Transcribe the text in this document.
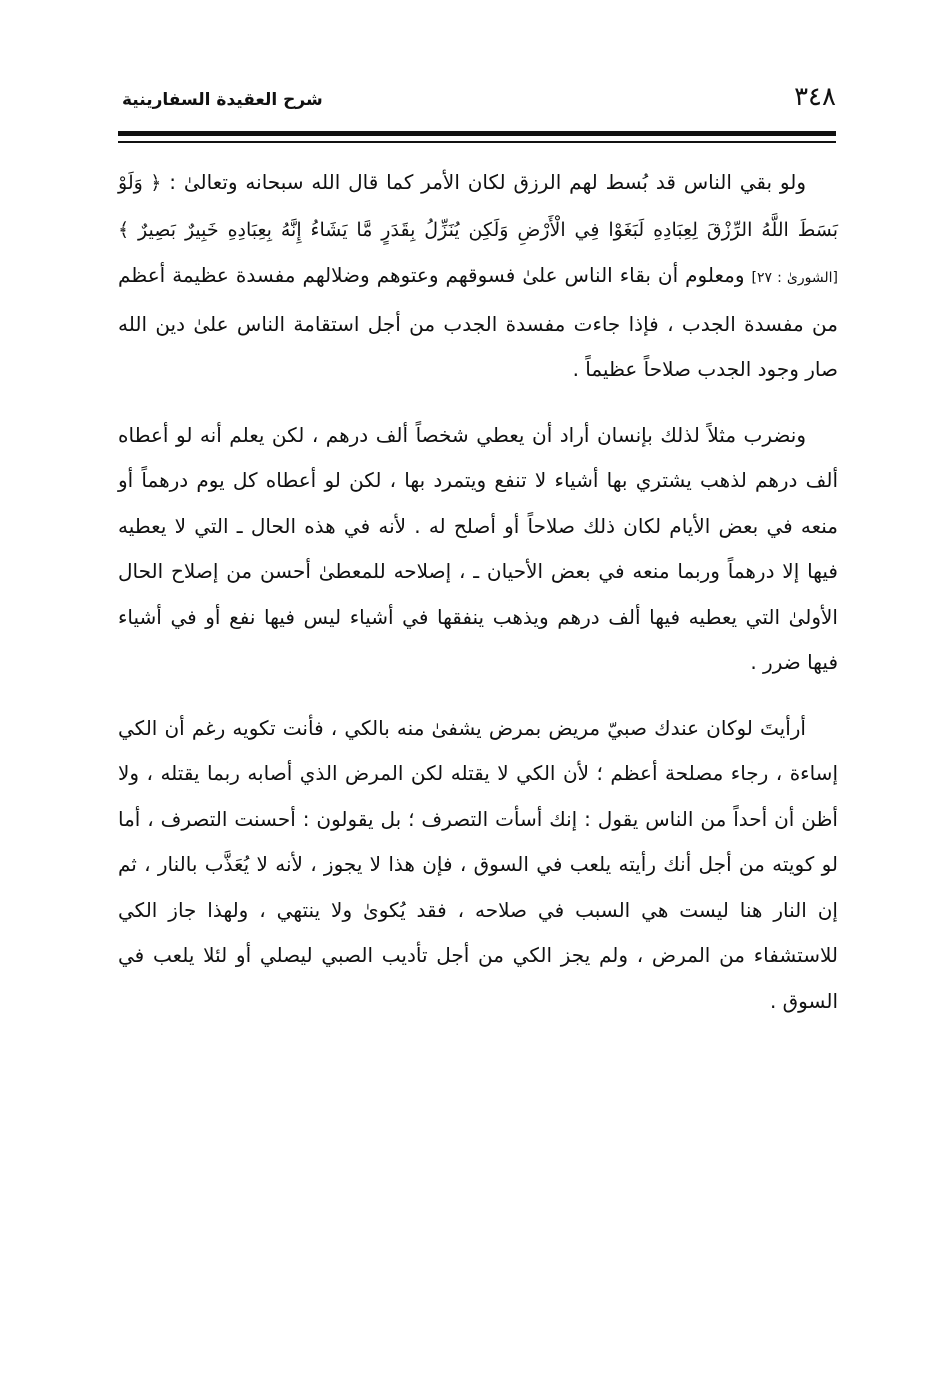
شرح العقيدة السفارينية	٣٤٨

ولو بقي الناس قد بُسط لهم الرزق لكان الأمر كما قال الله سبحانه وتعالىٰ : ﴿ وَلَوْ بَسَطَ اللَّهُ الرِّزْقَ لِعِبَادِهِ لَبَغَوْا فِي الْأَرْضِ وَلَكِن يُنَزِّلُ بِقَدَرٍ مَّا يَشَاءُ إِنَّهُ بِعِبَادِهِ خَبِيرٌ بَصِيرٌ ﴾ [الشورىٰ : ٢٧] ومعلوم أن بقاء الناس علىٰ فسوقهم وعتوهم وضلالهم مفسدة عظيمة أعظم من مفسدة الجدب ، فإذا جاءت مفسدة الجدب من أجل استقامة الناس علىٰ دين الله صار وجود الجدب صلاحاً عظيماً .

ونضرب مثلاً لذلك بإنسان أراد أن يعطي شخصاً ألف درهم ، لكن يعلم أنه لو أعطاه ألف درهم لذهب يشتري بها أشياء لا تنفع ويتمرد بها ، لكن لو أعطاه كل يوم درهماً أو منعه في بعض الأيام لكان ذلك صلاحاً أو أصلح له . لأنه في هذه الحال ـ التي لا يعطيه فيها إلا درهماً وربما منعه في بعض الأحيان ـ ، إصلاحه للمعطىٰ أحسن من إصلاح الحال الأولىٰ التي يعطيه فيها ألف درهم ويذهب ينفقها في أشياء ليس فيها نفع أو في أشياء فيها ضرر .

أرأيتَ لوكان عندك صبيّ مريض بمرض يشفىٰ منه بالكي ، فأنت تكويه رغم أن الكي إساءة ، رجاء مصلحة أعظم ؛ لأن الكي لا يقتله لكن المرض الذي أصابه ربما يقتله ، ولا أظن أن أحداً من الناس يقول : إنك أسأت التصرف ؛ بل يقولون : أحسنت التصرف ، أما لو كويته من أجل أنك رأيته يلعب في السوق ، فإن هذا لا يجوز ، لأنه لا يُعَذَّب بالنار ، ثم إن النار هنا ليست هي السبب في صلاحه ، فقد يُكوىٰ ولا ينتهي ، ولهذا جاز الكي للاستشفاء من المرض ، ولم يجز الكي من أجل تأديب الصبي ليصلي أو لئلا يلعب في السوق .
